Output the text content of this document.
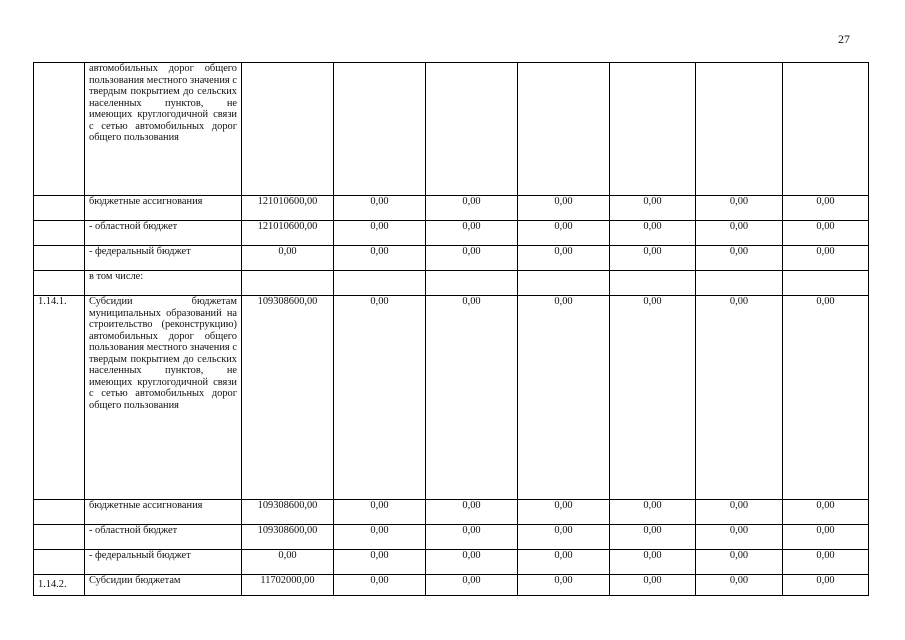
27
	автомобильных дорог общего пользования местного значения с твердым покрытием до сельских населенных пунктов, не имеющих круглогодичной связи с сетью автомобильных дорог общего пользования							
	бюджетные ассигнования	121010600,00	0,00	0,00	0,00	0,00	0,00	0,00
	- областной бюджет	121010600,00	0,00	0,00	0,00	0,00	0,00	0,00
	- федеральный бюджет	0,00	0,00	0,00	0,00	0,00	0,00	0,00
	в том числе:							
1.14.1.	Субсидии бюджетам муниципальных образований на строительство (реконструкцию) автомобильных дорог общего пользования местного значения с твердым покрытием до сельских населенных пунктов, не имеющих круглогодичной связи с сетью автомобильных дорог общего пользования	109308600,00	0,00	0,00	0,00	0,00	0,00	0,00
	бюджетные ассигнования	109308600,00	0,00	0,00	0,00	0,00	0,00	0,00
	- областной бюджет	109308600,00	0,00	0,00	0,00	0,00	0,00	0,00
	- федеральный бюджет	0,00	0,00	0,00	0,00	0,00	0,00	0,00
1.14.2.	Субсидии бюджетам	11702000,00	0,00	0,00	0,00	0,00	0,00	0,00
